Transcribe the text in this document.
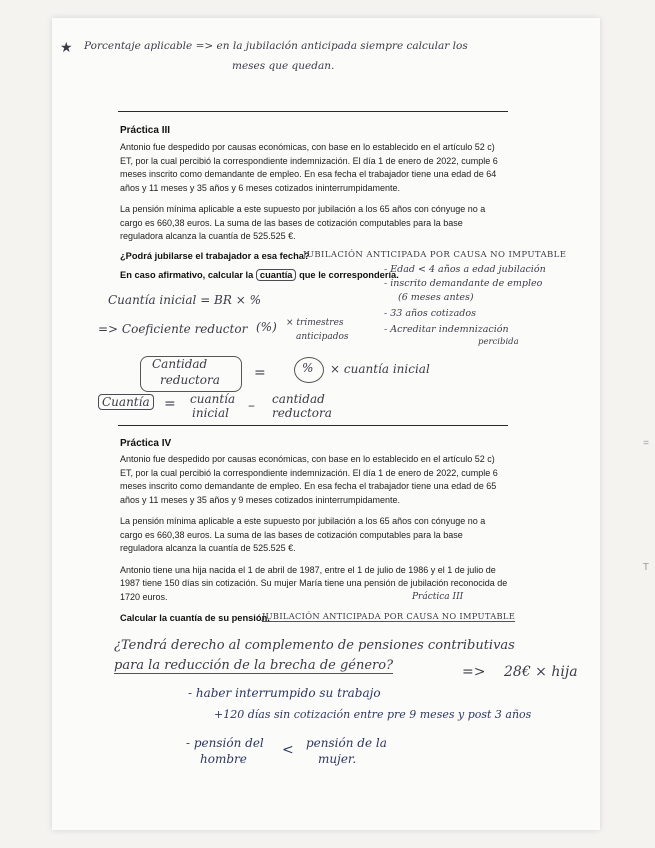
=
T
★ Porcentaje aplicable => en la jubilación anticipada siempre calcular los
meses que quedan.
Práctica III

Antonio fue despedido por causas económicas, con base en lo establecido en el artículo 52 c) ET, por la cual percibió la correspondiente indemnización. El día 1 de enero de 2022, cumple 6 meses inscrito como demandante de empleo. En esa fecha el trabajador tiene una edad de 64 años y 11 meses y 35 años y 6 meses cotizados ininterrumpidamente.

La pensión mínima aplicable a este supuesto por jubilación a los 65 años con cónyuge no a cargo es 660,38 euros. La suma de las bases de cotización computables para la base reguladora alcanza la cuantía de 525.525 €.

¿Podrá jubilarse el trabajador a esa fecha?
JUBILACIÓN ANTICIPADA POR CAUSA NO IMPUTABLE
En caso afirmativo, calcular la cuantía que le correspondería.
- Edad < 4 años a edad jubilación
- inscrito demandante de empleo
(6 meses antes)
- 33 años cotizados
- Acreditar indemnización
percibida
Cuantía inicial = BR × %
=> Coeficiente reductor (%) × trimestres
anticipados
Cantidad
reductora =	% × cuantía inicial
Cuantía = cuantía
inicial – cantidad
reductora
Práctica IV

Antonio fue despedido por causas económicas, con base en lo establecido en el artículo 52 c) ET, por la cual percibió la correspondiente indemnización. El día 1 de enero de 2022, cumple 6 meses inscrito como demandante de empleo. En esa fecha el trabajador tiene una edad de 65 años y 11 meses y 35 años y 9 meses cotizados ininterrumpidamente.

La pensión mínima aplicable a este supuesto por jubilación a los 65 años con cónyuge no a cargo es 660,38 euros. La suma de las bases de cotización computables para la base reguladora alcanza la cuantía de 525.525 €.

Antonio tiene una hija nacida el 1 de abril de 1987, entre el 1 de julio de 1986 y el 1 de julio de 1987 tiene 150 días sin cotización. Su mujer María tiene una pensión de jubilación reconocida de 1720 euros.	Práctica III
Calcular la cuantía de su pensión.
JUBILACIÓN ANTICIPADA POR CAUSA NO IMPUTABLE
¿Tendrá derecho al complemento de pensiones contributivas
para la reducción de la brecha de género?	=> 28€ × hija
- haber interrumpido su trabajo
+120 días sin cotización entre pre 9 meses y post 3 años
- pensión del
hombre
< pensión de la
mujer.
